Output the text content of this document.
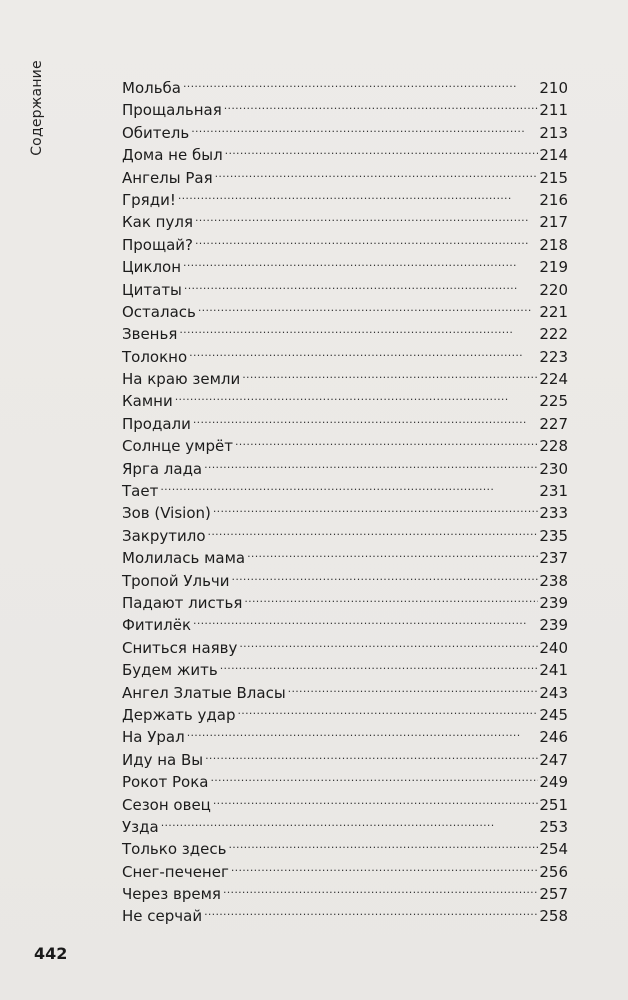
Содержание	Мольба . . .	210
Прощальная . . .	211
Обитель . . .	213
Дома не был . . .	214
Ангелы Рая . . .	215
Гряди! . . .	216
Как пуля . . .	217
Прощай? . . .	218
Циклон . . .	219
Цитаты . . .	220
Осталась . . .	221
Звенья . . .	222
Толокно . . .	223
На краю земли . . .	224
Камни . . .	225
Продали . . .	227
Солнце умрёт . . .	228
Ярга лада . . .	230
Тает . . .	231
Зов (Vision) . . .	233
Закрутило . . .	235
Молилась мама . . .	237
Тропой Ульчи . . .	238
Падают листья . . .	239
Фитилёк . . .	239
Сниться наяву . . .	240
Будем жить . . .	241
Ангел Златые Власы . . .	243
Держать удар . . .	245
На Урал . . .	246
Иду на Вы . . .	247
Рокот Рока . . .	249
Сезон овец . . .	251
Узда . . .	253
Только здесь . . .	254
Снег-печенег . . .	256
Через время . . .	257
Не серчай . . .	258
442
